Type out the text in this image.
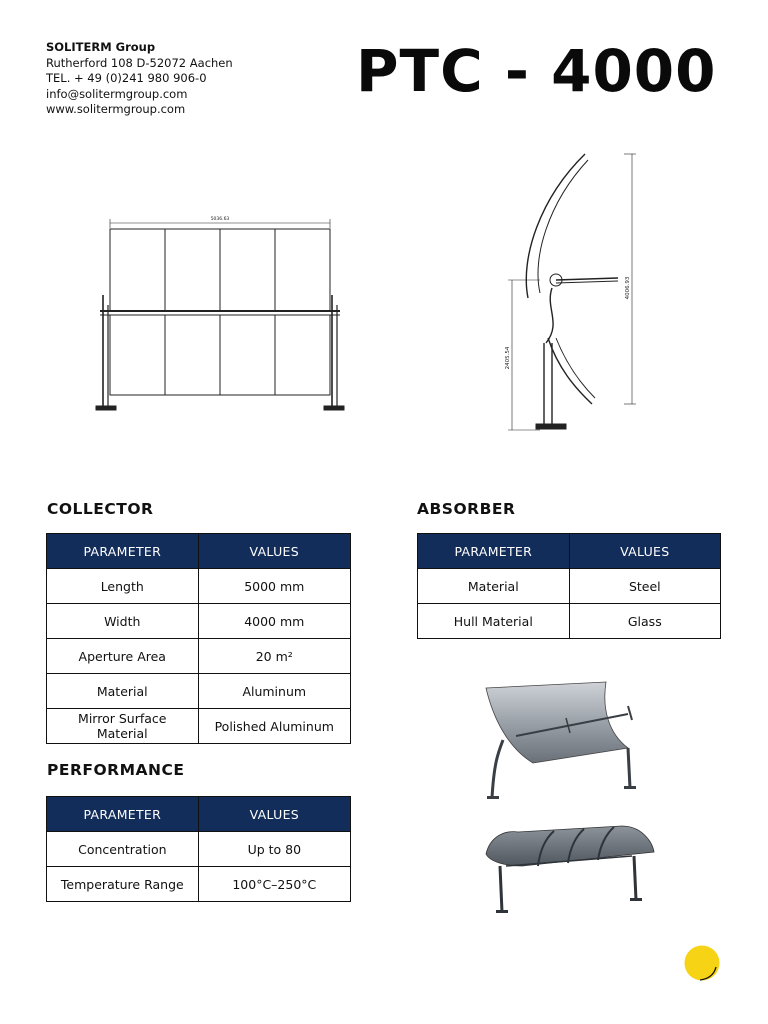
SOLITERM Group
Rutherford 108 D-52072 Aachen
TEL. + 49 (0)241 980 906-0
info@solitermgroup.com
www.solitermgroup.com
PTC - 4000
5036.63
4006.93
2405.54
COLLECTOR
PARAMETER	VALUES
Length	5000 mm
Width	4000 mm
Aperture Area	20 m²
Material	Aluminum
Mirror Surface Material	Polished Aluminum
ABSORBER
PARAMETER	VALUES
Material	Steel
Hull Material	Glass
PERFORMANCE
PARAMETER	VALUES
Concentration	Up to 80
Temperature Range	100°C–250°C
